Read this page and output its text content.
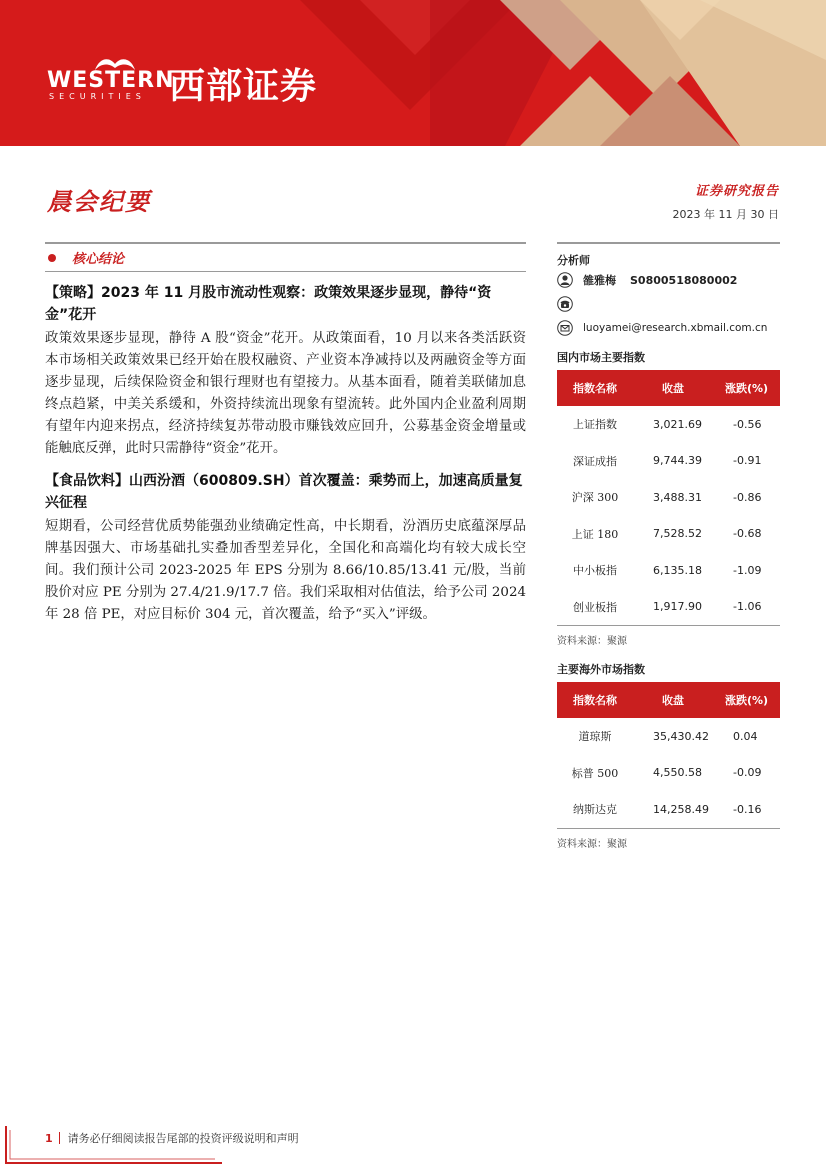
WESTERN
SECURITIES 西部证券
晨会纪要	证券研究报告
2023 年 11 月 30 日
核心结论
【策略】2023 年 11 月股市流动性观察：政策效果逐步显现，静待“资金”花开
政策效果逐步显现，静待 A 股“资金”花开。从政策面看，10 月以来各类活跃资本市场相关政策效果已经开始在股权融资、产业资本净减持以及两融资金等方面逐步显现，后续保险资金和银行理财也有望接力。从基本面看，随着美联储加息终点趋紧，中美关系缓和，外资持续流出现象有望流转。此外国内企业盈利周期有望年内迎来拐点，经济持续复苏带动股市赚钱效应回升，公募基金资金增量或能触底反弹，此时只需静待“资金”花开。
【食品饮料】山西汾酒（600809.SH）首次覆盖：乘势而上，加速高质量复兴征程
短期看，公司经营优质势能强劲业绩确定性高，中长期看，汾酒历史底蕴深厚品牌基因强大、市场基础扎实叠加香型差异化，全国化和高端化均有较大成长空间。我们预计公司 2023-2025 年 EPS 分别为 8.66/10.85/13.41 元/股，当前股价对应 PE 分别为 27.4/21.9/17.7 倍。我们采取相对估值法，给予公司 2024 年 28 倍 PE，对应目标价 304 元，首次覆盖，给予“买入”评级。
分析师
雒雅梅 S0800518080002
luoyamei@research.xbmail.com.cn
国内市场主要指数
指数名称	收盘	涨跌(%)
上证指数	3,021.69	-0.56
深证成指	9,744.39	-0.91
沪深 300	3,488.31	-0.86
上证 180	7,528.52	-0.68
中小板指	6,135.18	-1.09
创业板指	1,917.90	-1.06
资料来源：聚源
主要海外市场指数
指数名称	收盘	涨跌(%)
道琼斯	35,430.42	0.04
标普 500	4,550.58	-0.09
纳斯达克	14,258.49	-0.16
资料来源：聚源
1 请务必仔细阅读报告尾部的投资评级说明和声明
